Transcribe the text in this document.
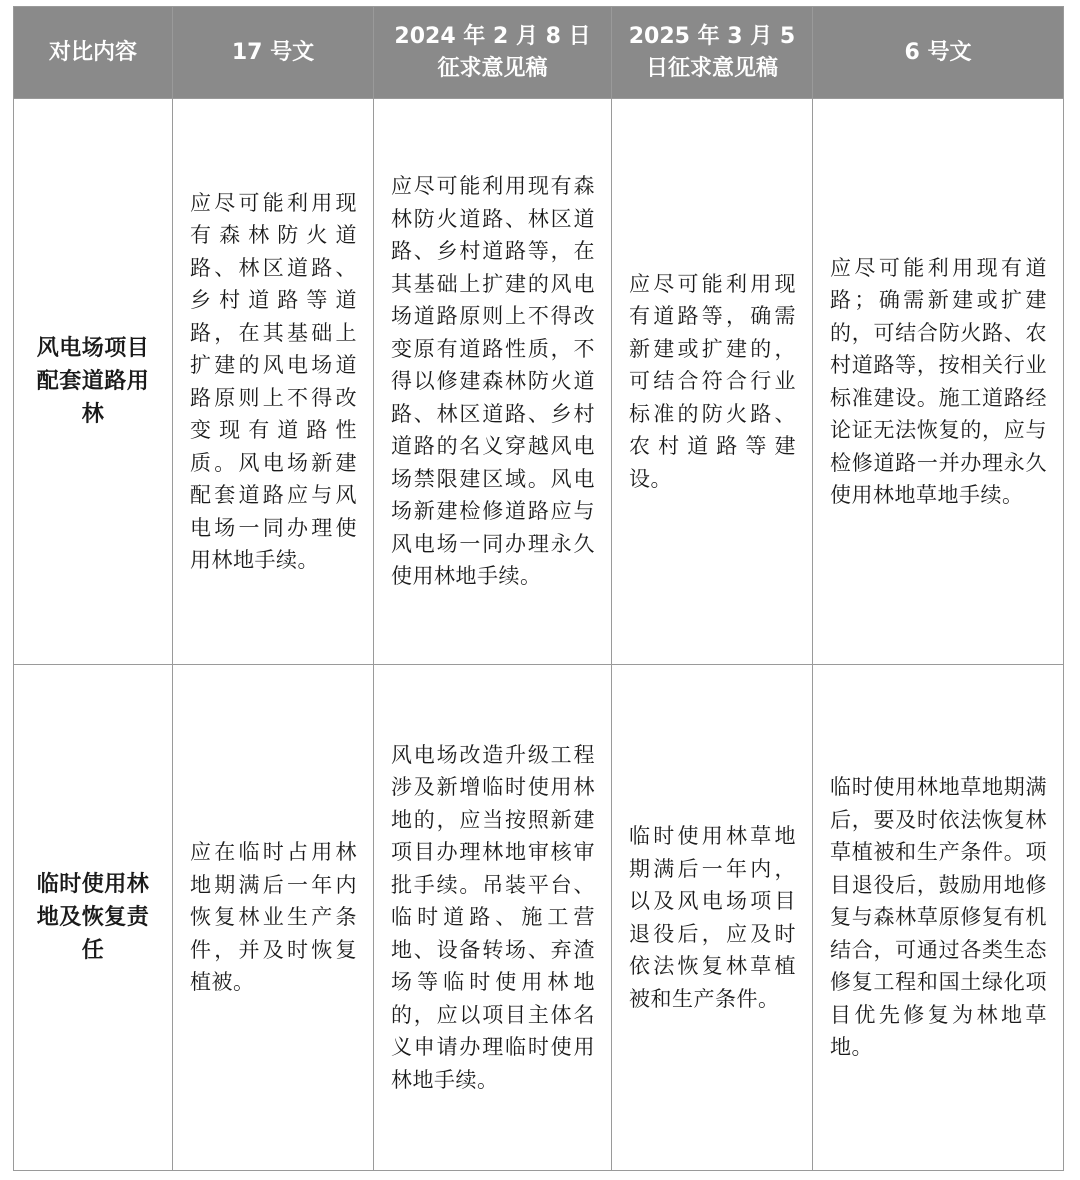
对比内容	17 号文	2024 年 2 月 8 日征求意见稿	2025 年 3 月 5 日征求意见稿	6 号文
风电场项目配套道路用林	应尽可能利用现有森林防火道路、林区道路、乡村道路等道路，在其基础上扩建的风电场道路原则上不得改变现有道路性质。风电场新建配套道路应与风电场一同办理使用林地手续。	应尽可能利用现有森林防火道路、林区道路、乡村道路等，在其基础上扩建的风电场道路原则上不得改变原有道路性质，不得以修建森林防火道路、林区道路、乡村道路的名义穿越风电场禁限建区域。风电场新建检修道路应与风电场一同办理永久使用林地手续。	应尽可能利用现有道路等，确需新建或扩建的，可结合符合行业标准的防火路、农村道路等建设。	应尽可能利用现有道路；确需新建或扩建的，可结合防火路、农村道路等，按相关行业标准建设。施工道路经论证无法恢复的，应与检修道路一并办理永久使用林地草地手续。
临时使用林地及恢复责任	应在临时占用林地期满后一年内恢复林业生产条件，并及时恢复植被。	风电场改造升级工程涉及新增临时使用林地的，应当按照新建项目办理林地审核审批手续。吊装平台、临时道路、施工营地、设备转场、弃渣场等临时使用林地的，应以项目主体名义申请办理临时使用林地手续。	临时使用林草地期满后一年内，以及风电场项目退役后，应及时依法恢复林草植被和生产条件。	临时使用林地草地期满后，要及时依法恢复林草植被和生产条件。项目退役后，鼓励用地修复与森林草原修复有机结合，可通过各类生态修复工程和国土绿化项目优先修复为林地草地。
